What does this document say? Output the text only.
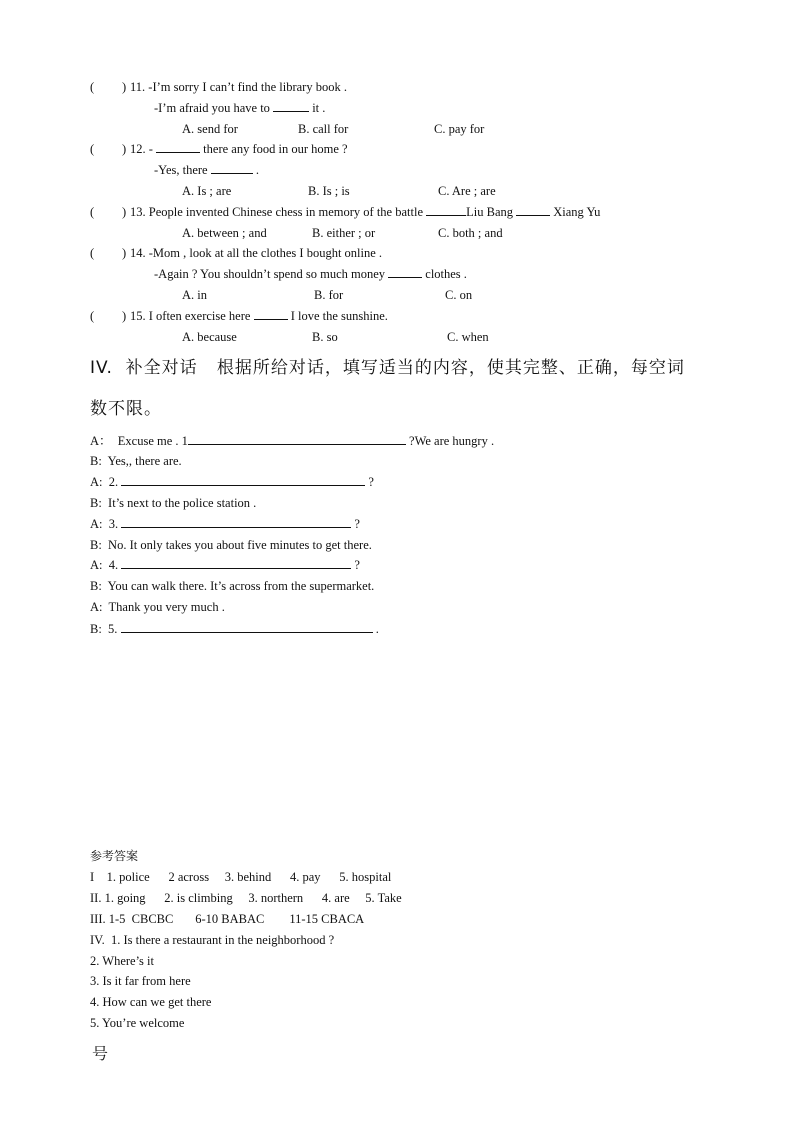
( ) 11. -I’m sorry I can’t find the library book .
-I’m afraid you have to	it .
A. send for	B. call for	C. pay for
( ) 12. -	there any food in our home ?
-Yes, there	.
A. Is ; are	B. Is ; is	C. Are ; are
( ) 13. People invented Chinese chess in memory of the battle	Liu Bang	Xiang Yu
A. between ; and	B. either ; or	C. both ; and
( ) 14. -Mom , look at all the clothes I bought online .
-Again ? You shouldn’t spend so much money	clothes .
A. in	B. for	C. on
( ) 15. I often exercise here	I love the sunshine.
A. because	B. so	C. when
IV.  补全对话   根据所给对话，填写适当的内容，使其完整、正确，每空词
数不限。
A：  Excuse me . 1	?We are hungry .
B:  Yes,, there are.
A:  2.	?
B:  It’s next to the police station .
A:  3.	?
B:  No. It only takes you about five minutes to get there.
A:  4.	?
B:  You can walk there. It’s across from the supermarket.
A:  Thank you very much .
B:  5.	.
参考答案
I    1. police      2 across     3. behind      4. pay      5. hospital
II. 1. going      2. is climbing     3. northern      4. are     5. Take
III. 1-5  CBCBC       6-10 BABAC        11-15 CBACA
IV.  1. Is there a restaurant in the neighborhood ?
2. Where’s it
3. Is it far from here
4. How can we get there
5. You’re welcome
号
